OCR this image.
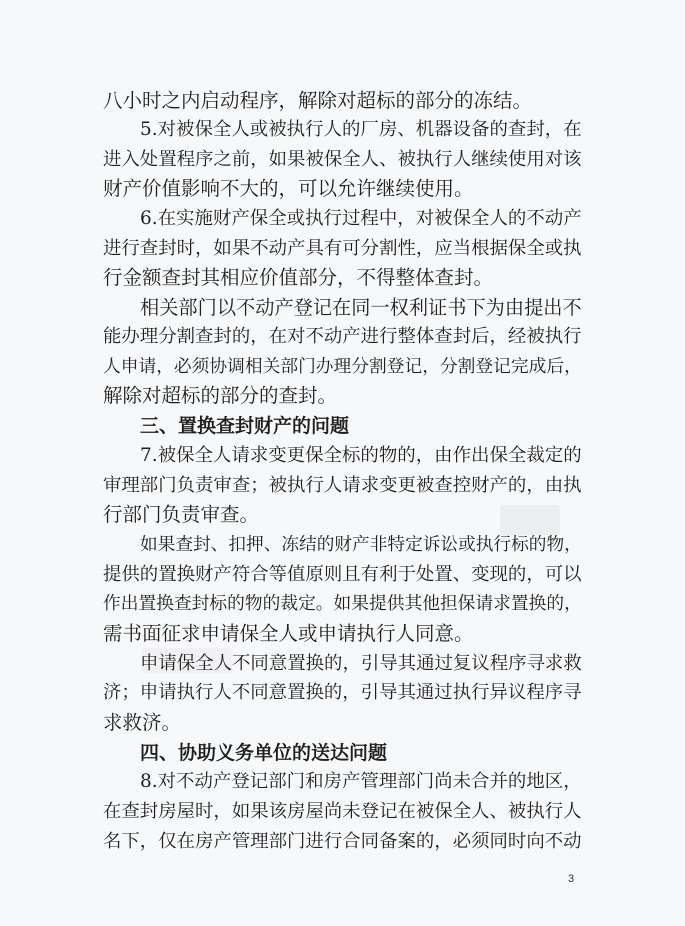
八小时之内启动程序，解除对超标的部分的冻结。
5.对被保全人或被执行人的厂房、机器设备的查封，在
进入处置程序之前，如果被保全人、被执行人继续使用对该
财产价值影响不大的，可以允许继续使用。
6.在实施财产保全或执行过程中，对被保全人的不动产
进行查封时，如果不动产具有可分割性，应当根据保全或执
行金额查封其相应价值部分，不得整体查封。
相关部门以不动产登记在同一权利证书下为由提出不
能办理分割查封的，在对不动产进行整体查封后，经被执行
人申请，必须协调相关部门办理分割登记，分割登记完成后，
解除对超标的部分的查封。
三、置换查封财产的问题
7.被保全人请求变更保全标的物的，由作出保全裁定的
审理部门负责审查；被执行人请求变更被查控财产的，由执
行部门负责审查。
如果查封、扣押、冻结的财产非特定诉讼或执行标的物，
提供的置换财产符合等值原则且有利于处置、变现的，可以
作出置换查封标的物的裁定。如果提供其他担保请求置换的，
需书面征求申请保全人或申请执行人同意。
申请保全人不同意置换的，引导其通过复议程序寻求救
济；申请执行人不同意置换的，引导其通过执行异议程序寻
求救济。
四、协助义务单位的送达问题
8.对不动产登记部门和房产管理部门尚未合并的地区，
在查封房屋时，如果该房屋尚未登记在被保全人、被执行人
名下，仅在房产管理部门进行合同备案的，必须同时向不动
3
